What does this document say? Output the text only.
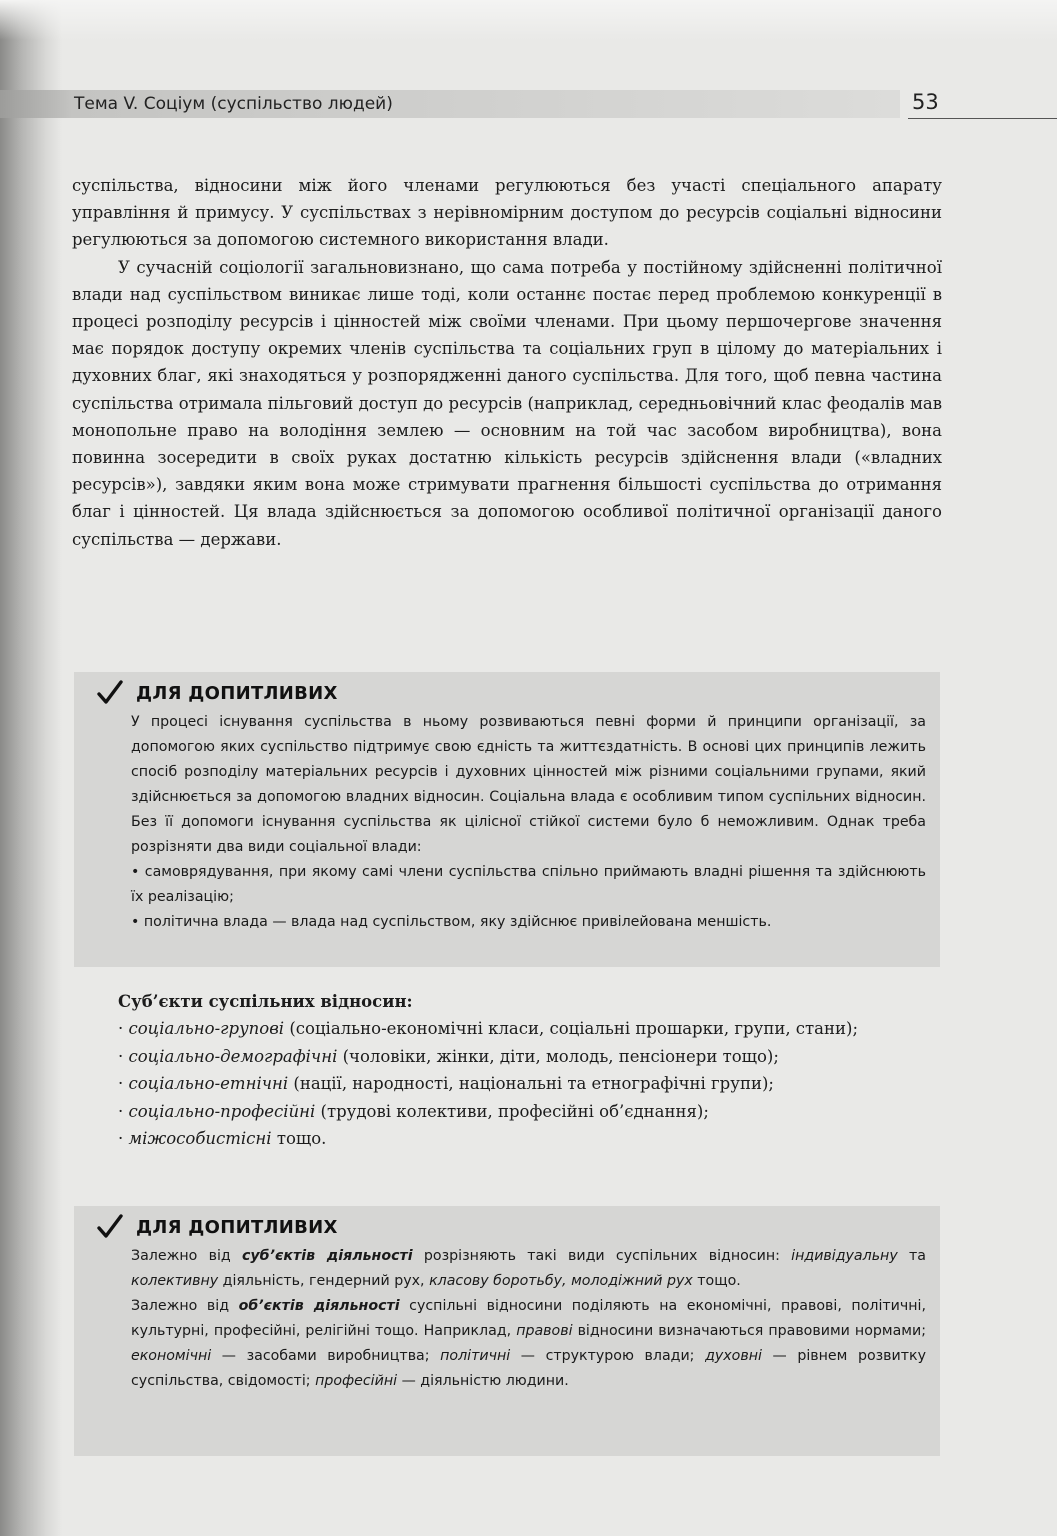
Тема V. Соціум (суспільство людей)	53

суспільства, відносини між його членами регулюються без участі спеціального апарату управління й примусу. У суспільствах з нерівномірним доступом до ресурсів соціальні відносини регулюються за допомогою системного використання влади.

У сучасній соціології загальновизнано, що сама потреба у постійному здійсненні політичної влади над суспільством виникає лише тоді, коли останнє постає перед проблемою конкуренції в процесі розподілу ресурсів і цінностей між своїми членами. При цьому першочергове значення має порядок доступу окремих членів суспільства та соціальних груп в цілому до матеріальних і духовних благ, які знаходяться у розпорядженні даного суспільства. Для того, щоб певна частина суспільства отримала пільговий доступ до ресурсів (наприклад, середньовічний клас феодалів мав монопольне право на володіння землею — основним на той час засобом виробництва), вона повинна зосередити в своїх руках достатню кількість ресурсів здійснення влади («владних ресурсів»), завдяки яким вона може стримувати прагнення більшості суспільства до отримання благ і цінностей. Ця влада здійснюється за допомогою особливої політичної організації даного суспільства — держави.

ДЛЯ ДОПИТЛИВИХ

У процесі існування суспільства в ньому розвиваються певні форми й принципи організації, за допомогою яких суспільство підтримує свою єдність та життєздатність. В основі цих принципів лежить спосіб розподілу матеріальних ресурсів і духовних цінностей між різними соціальними групами, який здійснюється за допомогою владних відносин. Соціальна влада є особливим типом суспільних відносин. Без її допомоги існування суспільства як цілісної стійкої системи було б неможливим. Однак треба розрізняти два види соціальної влади:

• самоврядування, при якому самі члени суспільства спільно приймають владні рішення та здійснюють їх реалізацію;

• політична влада — влада над суспільством, яку здійснює привілейована меншість.

Суб’єкти суспільних відносин:

· соціально-групові (соціально-економічні класи, соціальні прошарки, групи, стани);

· соціально-демографічні (чоловіки, жінки, діти, молодь, пенсіонери тощо);

· соціально-етнічні (нації, народності, національні та етнографічні групи);

· соціально-професійні (трудові колективи, професійні об’єднання);

· міжособистісні тощо.

ДЛЯ ДОПИТЛИВИХ

Залежно від суб’єктів діяльності розрізняють такі види суспільних відносин: індивідуальну та колективну діяльність, гендерний рух, класову боротьбу, молодіжний рух тощо.

Залежно від об’єктів діяльності суспільні відносини поділяють на економічні, правові, політичні, культурні, професійні, релігійні тощо. Наприклад, правові відносини визначаються правовими нормами; економічні — засобами виробництва; політичні — структурою влади; духовні — рівнем розвитку суспільства, свідомості; професійні — діяльністю людини.
